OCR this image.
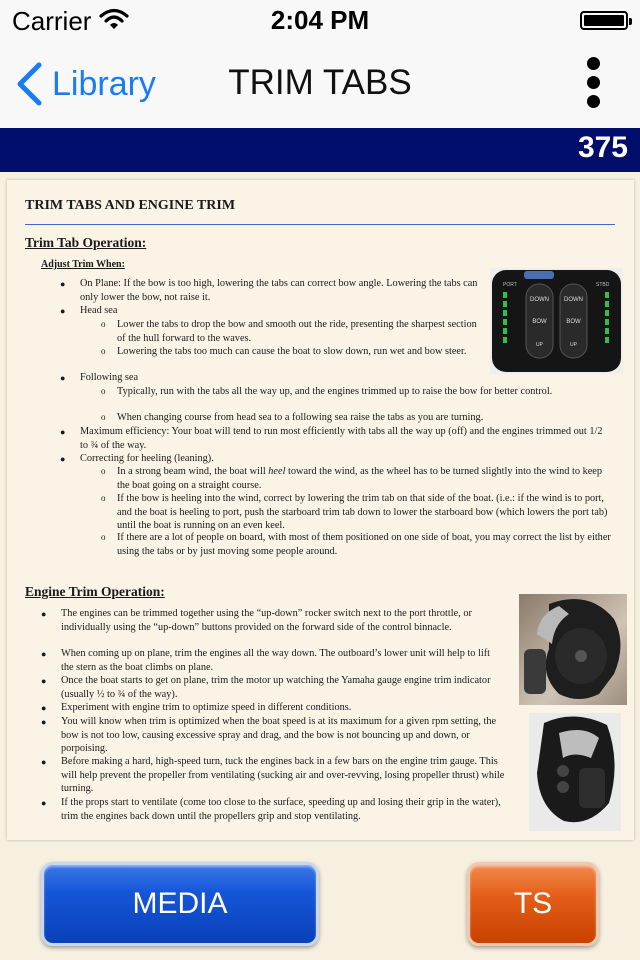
Carrier	2:04 PM
Library	TRIM TABS
375
TRIM TABS AND ENGINE TRIM
Trim Tab Operation:
Adjust Trim When:
● On Plane: If the bow is too high, lowering the tabs can correct bow angle. Lowering the tabs can only lower the bow, not raise it.
● Head sea
o Lower the tabs to drop the bow and smooth out the ride, presenting the sharpest section of the hull forward to the waves.
o Lowering the tabs too much can cause the boat to slow down, run wet and bow steer.
● Following sea
o Typically, run with the tabs all the way up, and the engines trimmed up to raise the bow for better control.
o When changing course from head sea to a following sea raise the tabs as you are turning.
● Maximum efficiency: Your boat will tend to run most efficiently with tabs all the way up (off) and the engines trimmed out 1/2 to ¾ of the way.
● Correcting for heeling (leaning).
o In a strong beam wind, the boat will heel toward the wind, as the wheel has to be turned slightly into the wind to keep the boat going on a straight course.
o If the bow is heeling into the wind, correct by lowering the trim tab on that side of the boat. (i.e.: if the wind is to port, and the boat is heeling to port, push the starboard trim tab down to lower the starboard bow (which lowers the port tab) until the boat is running on an even keel.
o If there are a lot of people on board, with most of them positioned on one side of boat, you may correct the list by either using the tabs or by just moving some people around.
PORT	STBD
DOWN
BOW
UP
DOWN
BOW
UP
Engine Trim Operation:
● The engines can be trimmed together using the “up-down” rocker switch next to the port throttle, or individually using the “up-down” buttons provided on the forward side of the control binnacle.
● When coming up on plane, trim the engines all the way down. The outboard’s lower unit will help to lift the stern as the boat climbs on plane.
● Once the boat starts to get on plane, trim the motor up watching the Yamaha gauge engine trim indicator (usually ½ to ¾ of the way).
● Experiment with engine trim to optimize speed in different conditions.
● You will know when trim is optimized when the boat speed is at its maximum for a given rpm setting, the bow is not too low, causing excessive spray and drag, and the bow is not bouncing up and down, or porpoising.
● Before making a hard, high-speed turn, tuck the engines back in a few bars on the engine trim gauge. This will help prevent the propeller from ventilating (sucking air and over-revving, losing propeller thrust) while turning.
● If the props start to ventilate (come too close to the surface, speeding up and losing their grip in the water), trim the engines back down until the propellers grip and stop ventilating.
MEDIA	TS
